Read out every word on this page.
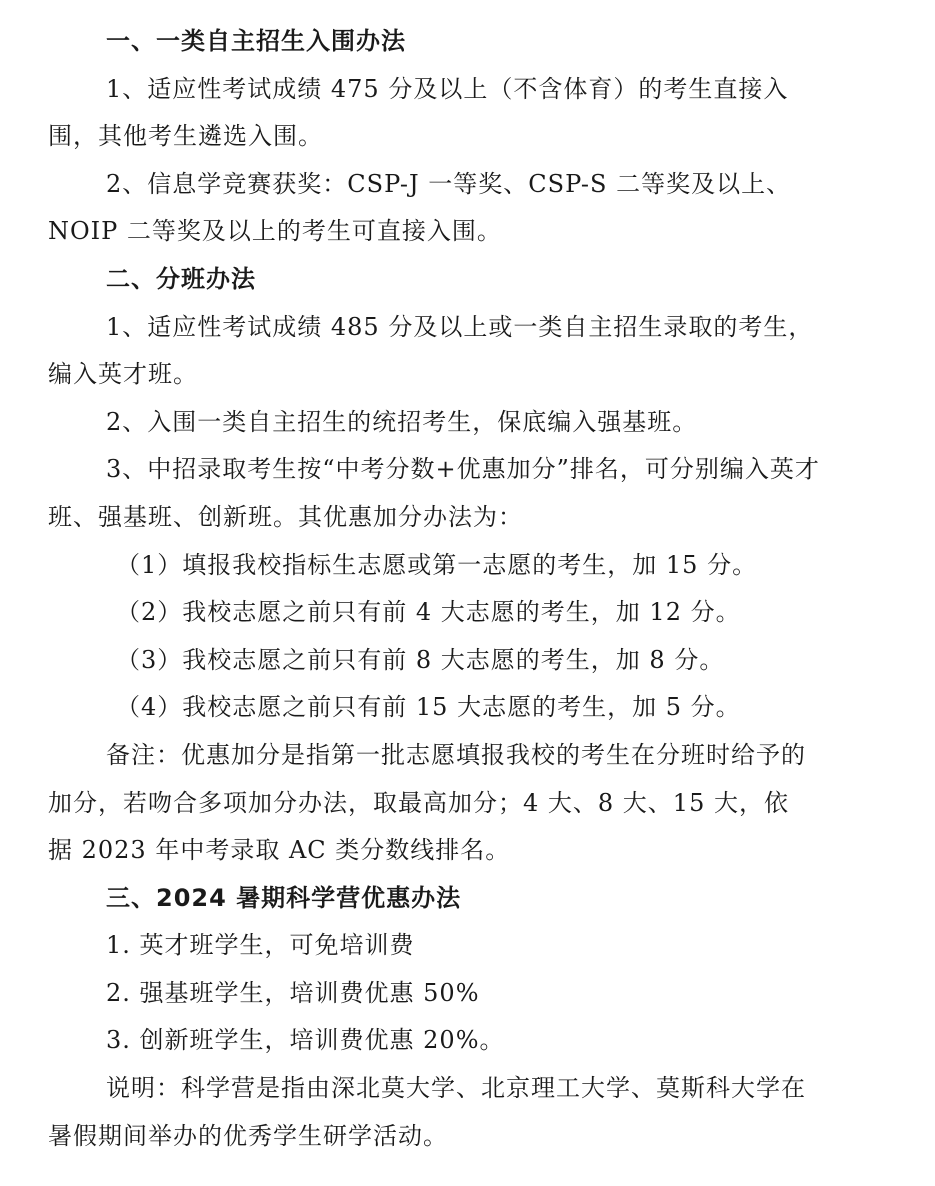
一、一类自主招生入围办法
1、适应性考试成绩 475 分及以上（不含体育）的考生直接入
围，其他考生遴选入围。
2、信息学竞赛获奖：CSP-J 一等奖、CSP-S 二等奖及以上、
NOIP 二等奖及以上的考生可直接入围。
二、分班办法
1、适应性考试成绩 485 分及以上或一类自主招生录取的考生，
编入英才班。
2、入围一类自主招生的统招考生，保底编入强基班。
3、中招录取考生按“中考分数+优惠加分”排名，可分别编入英才
班、强基班、创新班。其优惠加分办法为：
（1）填报我校指标生志愿或第一志愿的考生，加 15 分。
（2）我校志愿之前只有前 4 大志愿的考生，加 12 分。
（3）我校志愿之前只有前 8 大志愿的考生，加 8 分。
（4）我校志愿之前只有前 15 大志愿的考生，加 5 分。
备注：优惠加分是指第一批志愿填报我校的考生在分班时给予的
加分，若吻合多项加分办法，取最高加分；4 大、8 大、15 大，依
据 2023 年中考录取 AC 类分数线排名。
三、2024 暑期科学营优惠办法
1. 英才班学生，可免培训费
2. 强基班学生，培训费优惠 50%
3. 创新班学生，培训费优惠 20%。
说明：科学营是指由深北莫大学、北京理工大学、莫斯科大学在
暑假期间举办的优秀学生研学活动。
